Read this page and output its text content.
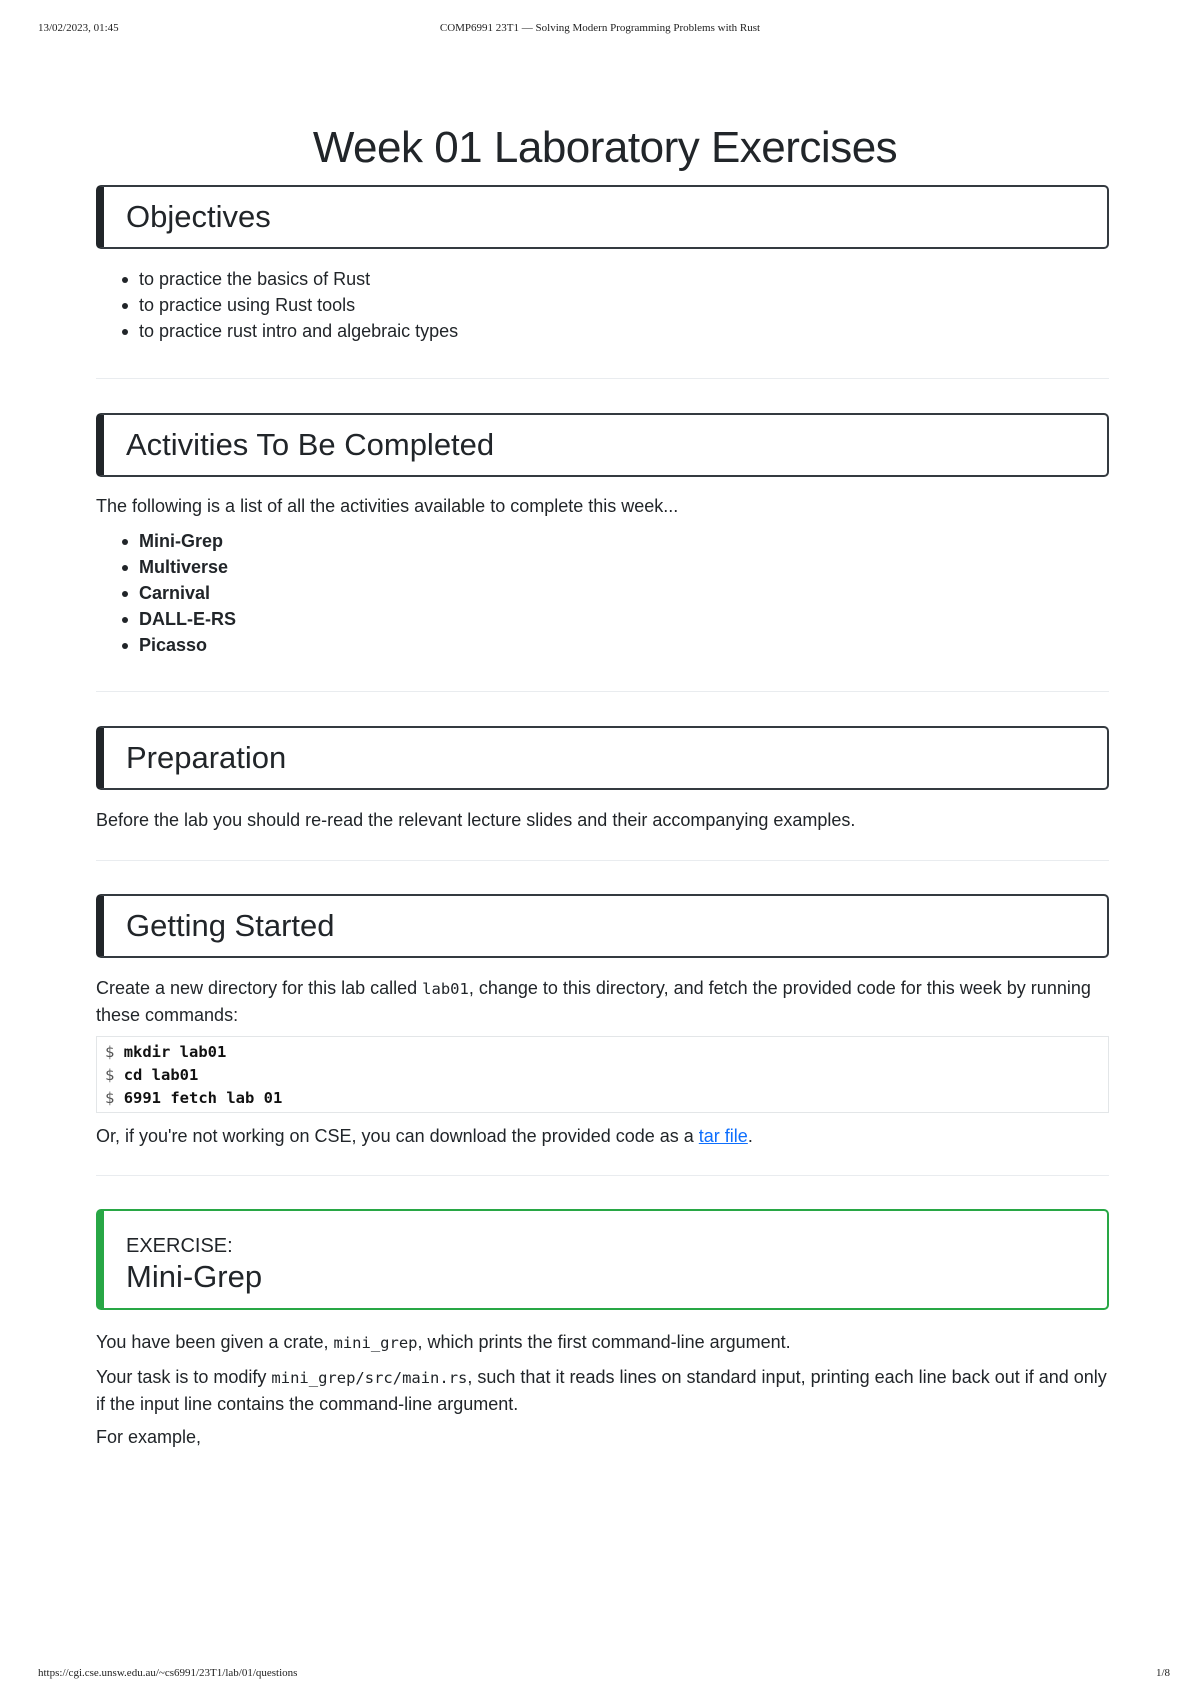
13/02/2023, 01:45	COMP6991 23T1 — Solving Modern Programming Problems with Rust
Week 01 Laboratory Exercises
Objectives
to practice the basics of Rust
to practice using Rust tools
to practice rust intro and algebraic types
Activities To Be Completed

The following is a list of all the activities available to complete this week...

Mini-Grep
Multiverse
Carnival
DALL-E-RS
Picasso
Preparation

Before the lab you should re-read the relevant lecture slides and their accompanying examples.

Getting Started

Create a new directory for this lab called lab01, change to this directory, and fetch the provided code for this week by running these commands:

$ mkdir lab01
$ cd lab01
$ 6991 fetch lab 01

Or, if you're not working on CSE, you can download the provided code as a tar file.

EXERCISE:
Mini-Grep

You have been given a crate, mini_grep, which prints the first command-line argument.

Your task is to modify mini_grep/src/main.rs, such that it reads lines on standard input, printing each line back out if and only if the input line contains the command-line argument.

For example,

https://cgi.cse.unsw.edu.au/~cs6991/23T1/lab/01/questions	1/8
